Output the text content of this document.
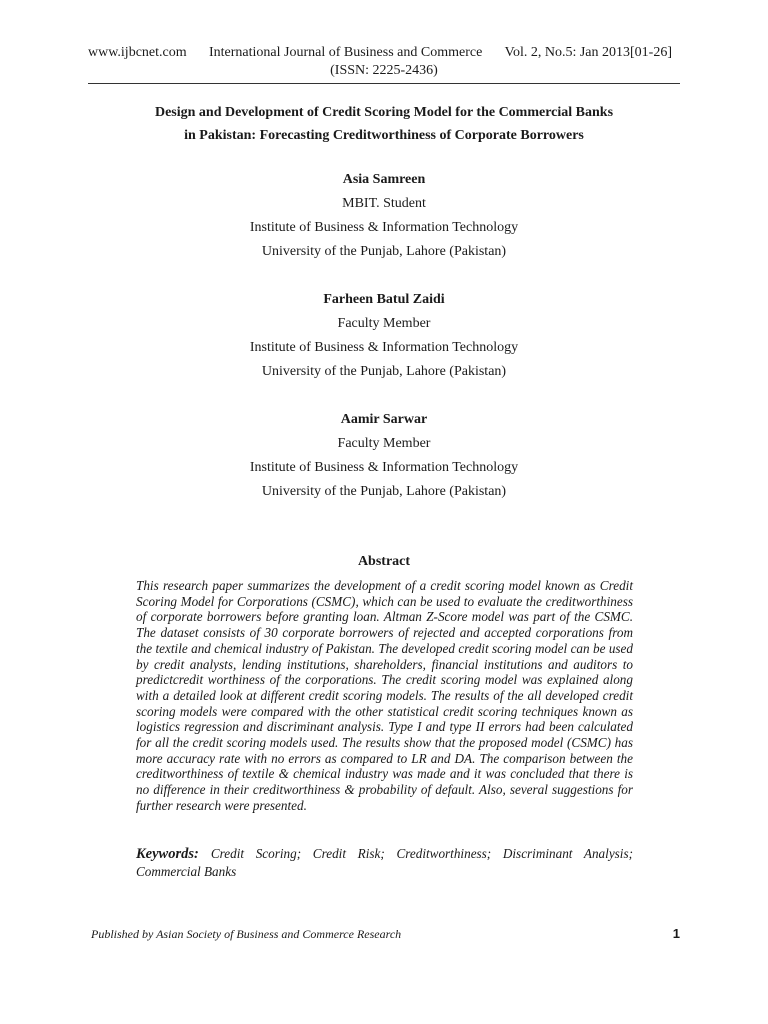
www.ijbcnet.com International Journal of Business and Commerce Vol. 2, No.5: Jan 2013[01-26]
(ISSN: 2225-2436)
Design and Development of Credit Scoring Model for the Commercial Banks
in Pakistan: Forecasting Creditworthiness of Corporate Borrowers
Asia Samreen
MBIT. Student
Institute of Business & Information Technology
University of the Punjab, Lahore (Pakistan)
Farheen Batul Zaidi
Faculty Member
Institute of Business & Information Technology
University of the Punjab, Lahore (Pakistan)
Aamir Sarwar
Faculty Member
Institute of Business & Information Technology
University of the Punjab, Lahore (Pakistan)
Abstract
This research paper summarizes the development of a credit scoring model known as Credit Scoring Model for Corporations (CSMC), which can be used to evaluate the creditworthiness of corporate borrowers before granting loan. Altman Z-Score model was part of the CSMC. The dataset consists of 30 corporate borrowers of rejected and accepted corporations from the textile and chemical industry of Pakistan. The developed credit scoring model can be used by credit analysts, lending institutions, shareholders, financial institutions and auditors to predictcredit worthiness of the corporations. The credit scoring model was explained along with a detailed look at different credit scoring models. The results of the all developed credit scoring models were compared with the other statistical credit scoring techniques known as logistics regression and discriminant analysis. Type I and type II errors had been calculated for all the credit scoring models used. The results show that the proposed model (CSMC) has more accuracy rate with no errors as compared to LR and DA. The comparison between the creditworthiness of textile & chemical industry was made and it was concluded that there is no difference in their creditworthiness & probability of default. Also, several suggestions for further research were presented.
Keywords: Credit Scoring; Credit Risk; Creditworthiness; Discriminant Analysis; Commercial Banks
Published by Asian Society of Business and Commerce Research	1
